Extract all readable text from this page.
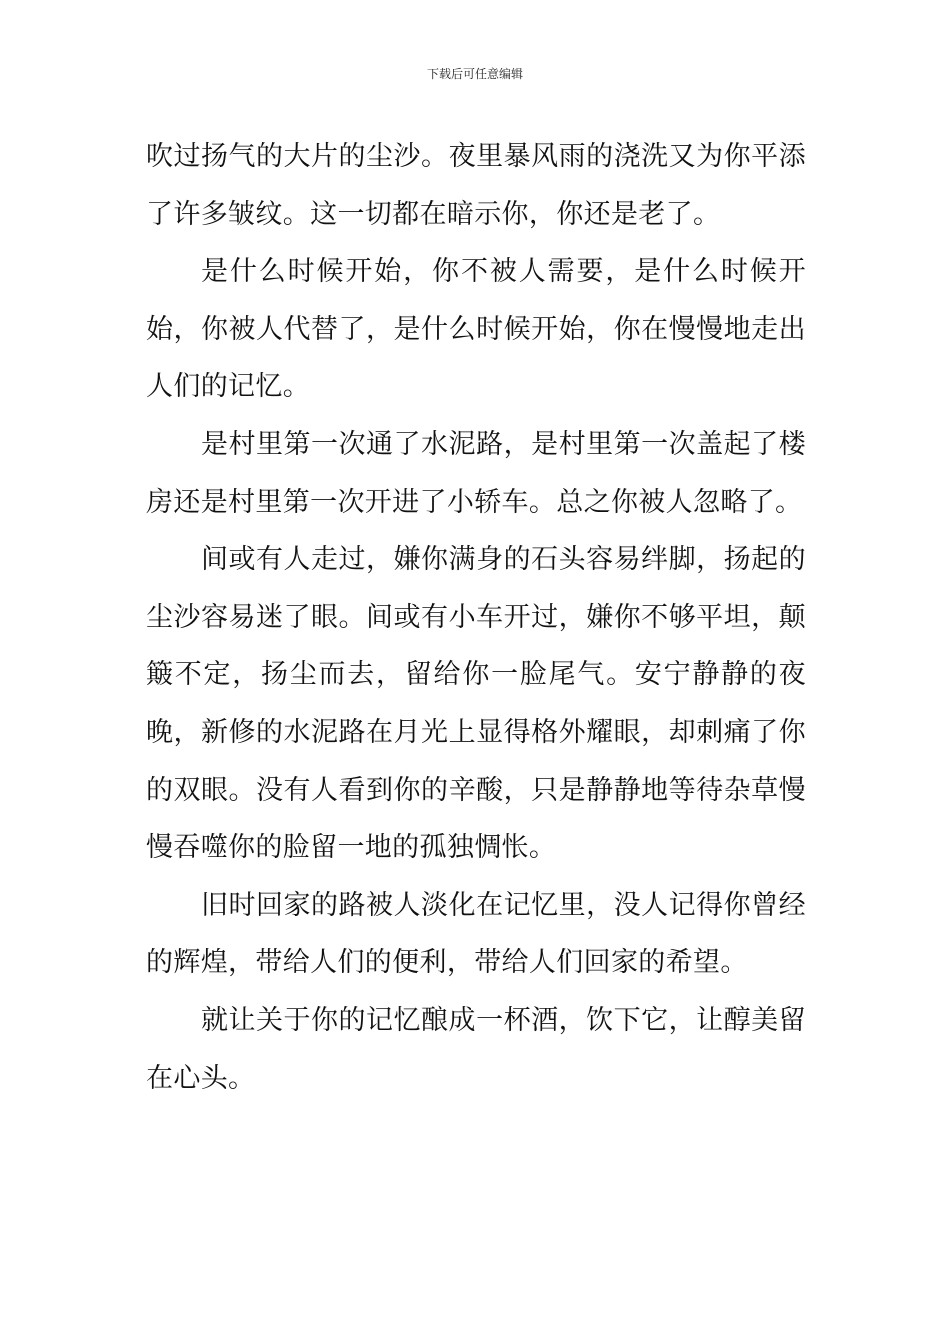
下载后可任意编辑

吹过扬气的大片的尘沙。夜里暴风雨的浇洗又为你平添了许多皱纹。这一切都在暗示你，你还是老了。

是什么时候开始，你不被人需要，是什么时候开始，你被人代替了，是什么时候开始，你在慢慢地走出人们的记忆。

是村里第一次通了水泥路，是村里第一次盖起了楼房还是村里第一次开进了小轿车。总之你被人忽略了。

间或有人走过，嫌你满身的石头容易绊脚，扬起的尘沙容易迷了眼。间或有小车开过，嫌你不够平坦，颠簸不定，扬尘而去，留给你一脸尾气。安宁静静的夜晚，新修的水泥路在月光上显得格外耀眼，却刺痛了你的双眼。没有人看到你的辛酸，只是静静地等待杂草慢慢吞噬你的脸留一地的孤独惆怅。

旧时回家的路被人淡化在记忆里，没人记得你曾经的辉煌，带给人们的便利，带给人们回家的希望。

就让关于你的记忆酿成一杯酒，饮下它，让醇美留在心头。
